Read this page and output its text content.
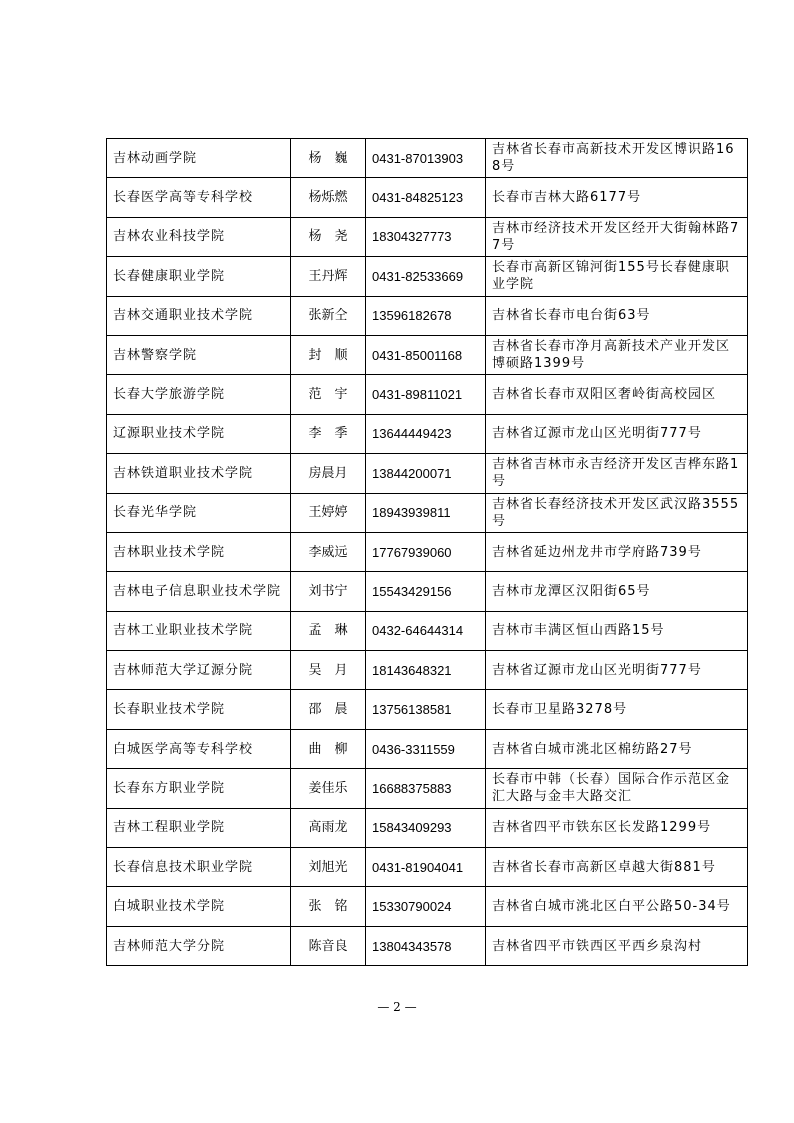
吉林动画学院	杨　巍	0431-87013903	吉林省长春市高新技术开发区博识路168号
长春医学高等专科学校	杨烁燃	0431-84825123	长春市吉林大路6177号
吉林农业科技学院	杨　尧	18304327773	吉林市经济技术开发区经开大街翰林路77号
长春健康职业学院	王丹辉	0431-82533669	长春市高新区锦河街155号长春健康职业学院
吉林交通职业技术学院	张新仝	13596182678	吉林省长春市电台街63号
吉林警察学院	封　顺	0431-85001168	吉林省长春市净月高新技术产业开发区博硕路1399号
长春大学旅游学院	范　宇	0431-89811021	吉林省长春市双阳区奢岭街高校园区
辽源职业技术学院	李　季	13644449423	吉林省辽源市龙山区光明街777号
吉林铁道职业技术学院	房晨月	13844200071	吉林省吉林市永吉经济开发区吉桦东路1号
长春光华学院	王婷婷	18943939811	吉林省长春经济技术开发区武汉路3555号
吉林职业技术学院	李威远	17767939060	吉林省延边州龙井市学府路739号
吉林电子信息职业技术学院	刘书宁	15543429156	吉林市龙潭区汉阳街65号
吉林工业职业技术学院	孟　琳	0432-64644314	吉林市丰满区恒山西路15号
吉林师范大学辽源分院	吴　月	18143648321	吉林省辽源市龙山区光明街777号
长春职业技术学院	邵　晨	13756138581	长春市卫星路3278号
白城医学高等专科学校	曲　柳	0436-3311559	吉林省白城市洮北区棉纺路27号
长春东方职业学院	姜佳乐	16688375883	长春市中韩（长春）国际合作示范区金汇大路与金丰大路交汇
吉林工程职业学院	高雨龙	15843409293	吉林省四平市铁东区长发路1299号
长春信息技术职业学院	刘旭光	0431-81904041	吉林省长春市高新区卓越大街881号
白城职业技术学院	张　铭	15330790024	吉林省白城市洮北区白平公路50-34号
吉林师范大学分院	陈音良	13804343578	吉林省四平市铁西区平西乡泉沟村
— 2 —
